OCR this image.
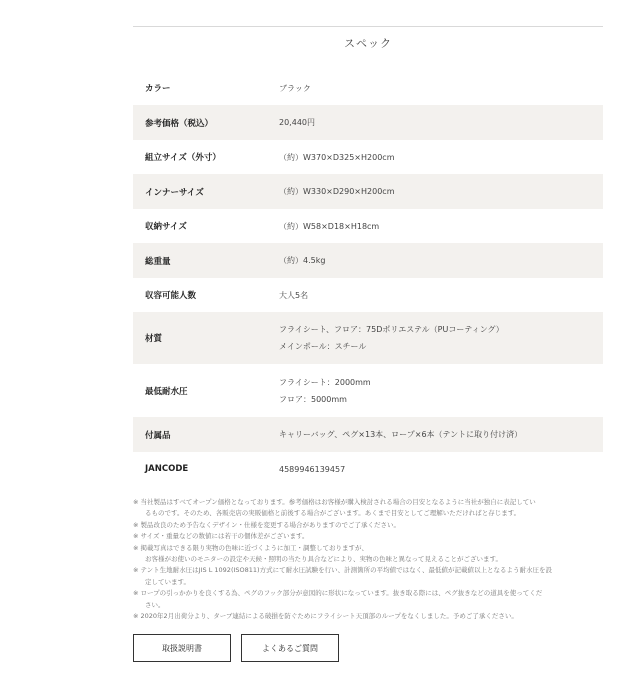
スペック
カラー	ブラック

参考価格（税込）	20,440円

組立サイズ（外寸）	（約）W370×D325×H200cm

インナーサイズ	（約）W330×D290×H200cm

収納サイズ	（約）W58×D18×H18cm

総重量	（約）4.5kg

収容可能人数	大人5名

材質	フライシート、フロア：75Dポリエステル（PUコーティング）
メインポール：スチール

最低耐水圧	フライシート：2000mm
フロア：5000mm

付属品	キャリーバッグ、ペグ×13本、ロープ×6本（テントに取り付け済）

JANCODE	4589946139457

※ 当社製品はすべてオープン価格となっております。参考価格はお客様が購入検討される場合の目安となるように当社が独自に表記してい

るものです。そのため、各販売店の実販価格と前後する場合がございます。あくまで目安としてご理解いただければと存じます。

※ 製品改良のため予告なくデザイン・仕様を変更する場合がありますのでご了承ください。

※ サイズ・重量などの数値には若干の個体差がございます。

※ 掲載写真はできる限り実物の色味に近づくように加工・調整しておりますが、

お客様がお使いのモニターの設定や天候・照明の当たり具合などにより、実物の色味と異なって見えることがございます。

※ テント生地耐水圧はJIS L 1092(ISO811)方式にて耐水圧試験を行い、計測箇所の平均値ではなく、最低値が記載値以上となるよう耐水圧を設

定しています。

※ ロープの引っかかりを良くする為、ペグのフック部分が意図的に形状になっています。抜き取る際には、ペグ抜きなどの道具を使ってくだ

さい。

※ 2020年2月出荷分より、ターブ連結による破損を防ぐためにフライシート天頂部のループをなくしました。予めご了承ください。

取扱説明書	よくあるご質問
